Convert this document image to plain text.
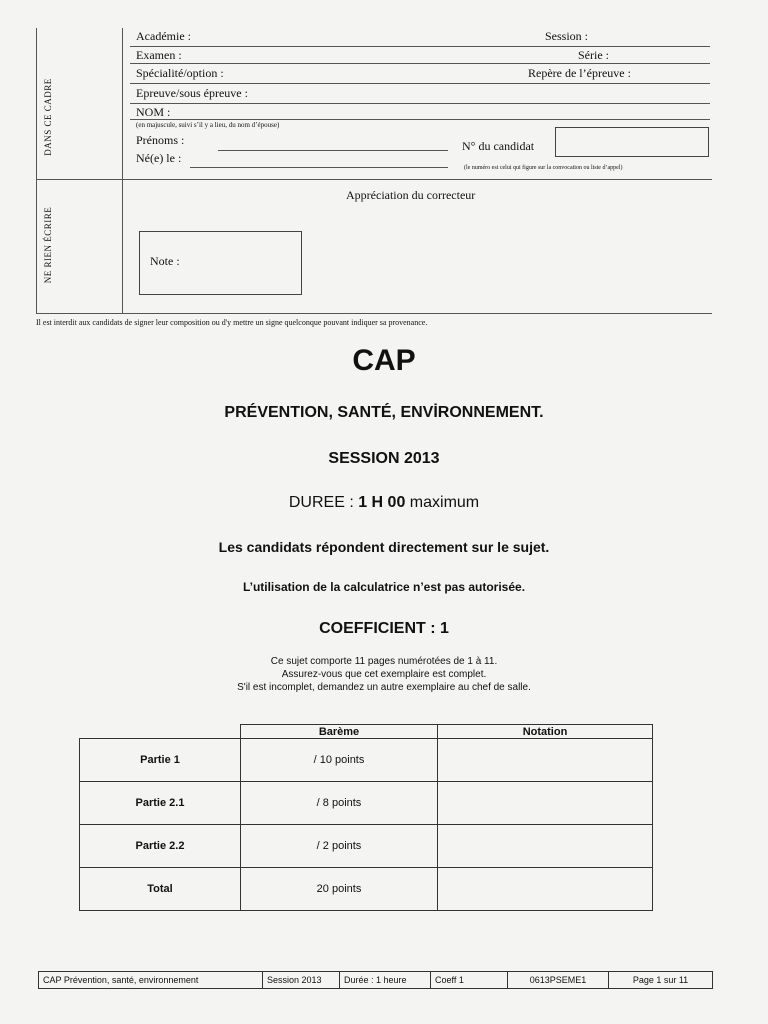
DANS CE CADRE
NE RIEN ÉCRIRE
Académie :	Session :
Examen :	Série :
Spécialité/option :	Repère de l’épreuve :
Epreuve/sous épreuve :
NOM :
(en majuscule, suivi s’il y a lieu, du nom d’épouse)
Prénoms :
Né(e) le :
N° du candidat
(le numéro est celui qui figure sur la convocation ou liste d’appel)
Appréciation du correcteur
Note :
Il est interdit aux candidats de signer leur composition ou d'y mettre un signe quelconque pouvant indiquer sa provenance.
CAP
PRÉVENTION, SANTÉ, ENVİRONNEMENT.
SESSION 2013
DUREE : 1 H 00 maximum
Les candidats répondent directement sur le sujet.
L’utilisation de la calculatrice n’est pas autorisée.
COEFFICIENT : 1
Ce sujet comporte 11 pages numérotées de 1 à 11.
Assurez-vous que cet exemplaire est complet.
S'il est incomplet, demandez un autre exemplaire au chef de salle.
	Barème	Notation
Partie 1	/ 10 points	
Partie 2.1	/ 8 points	
Partie 2.2	/ 2 points	
Total	20 points	
CAP Prévention, santé, environnement	Session 2013	Durée : 1 heure	Coeff 1	0613PSEME1	Page 1 sur 11
